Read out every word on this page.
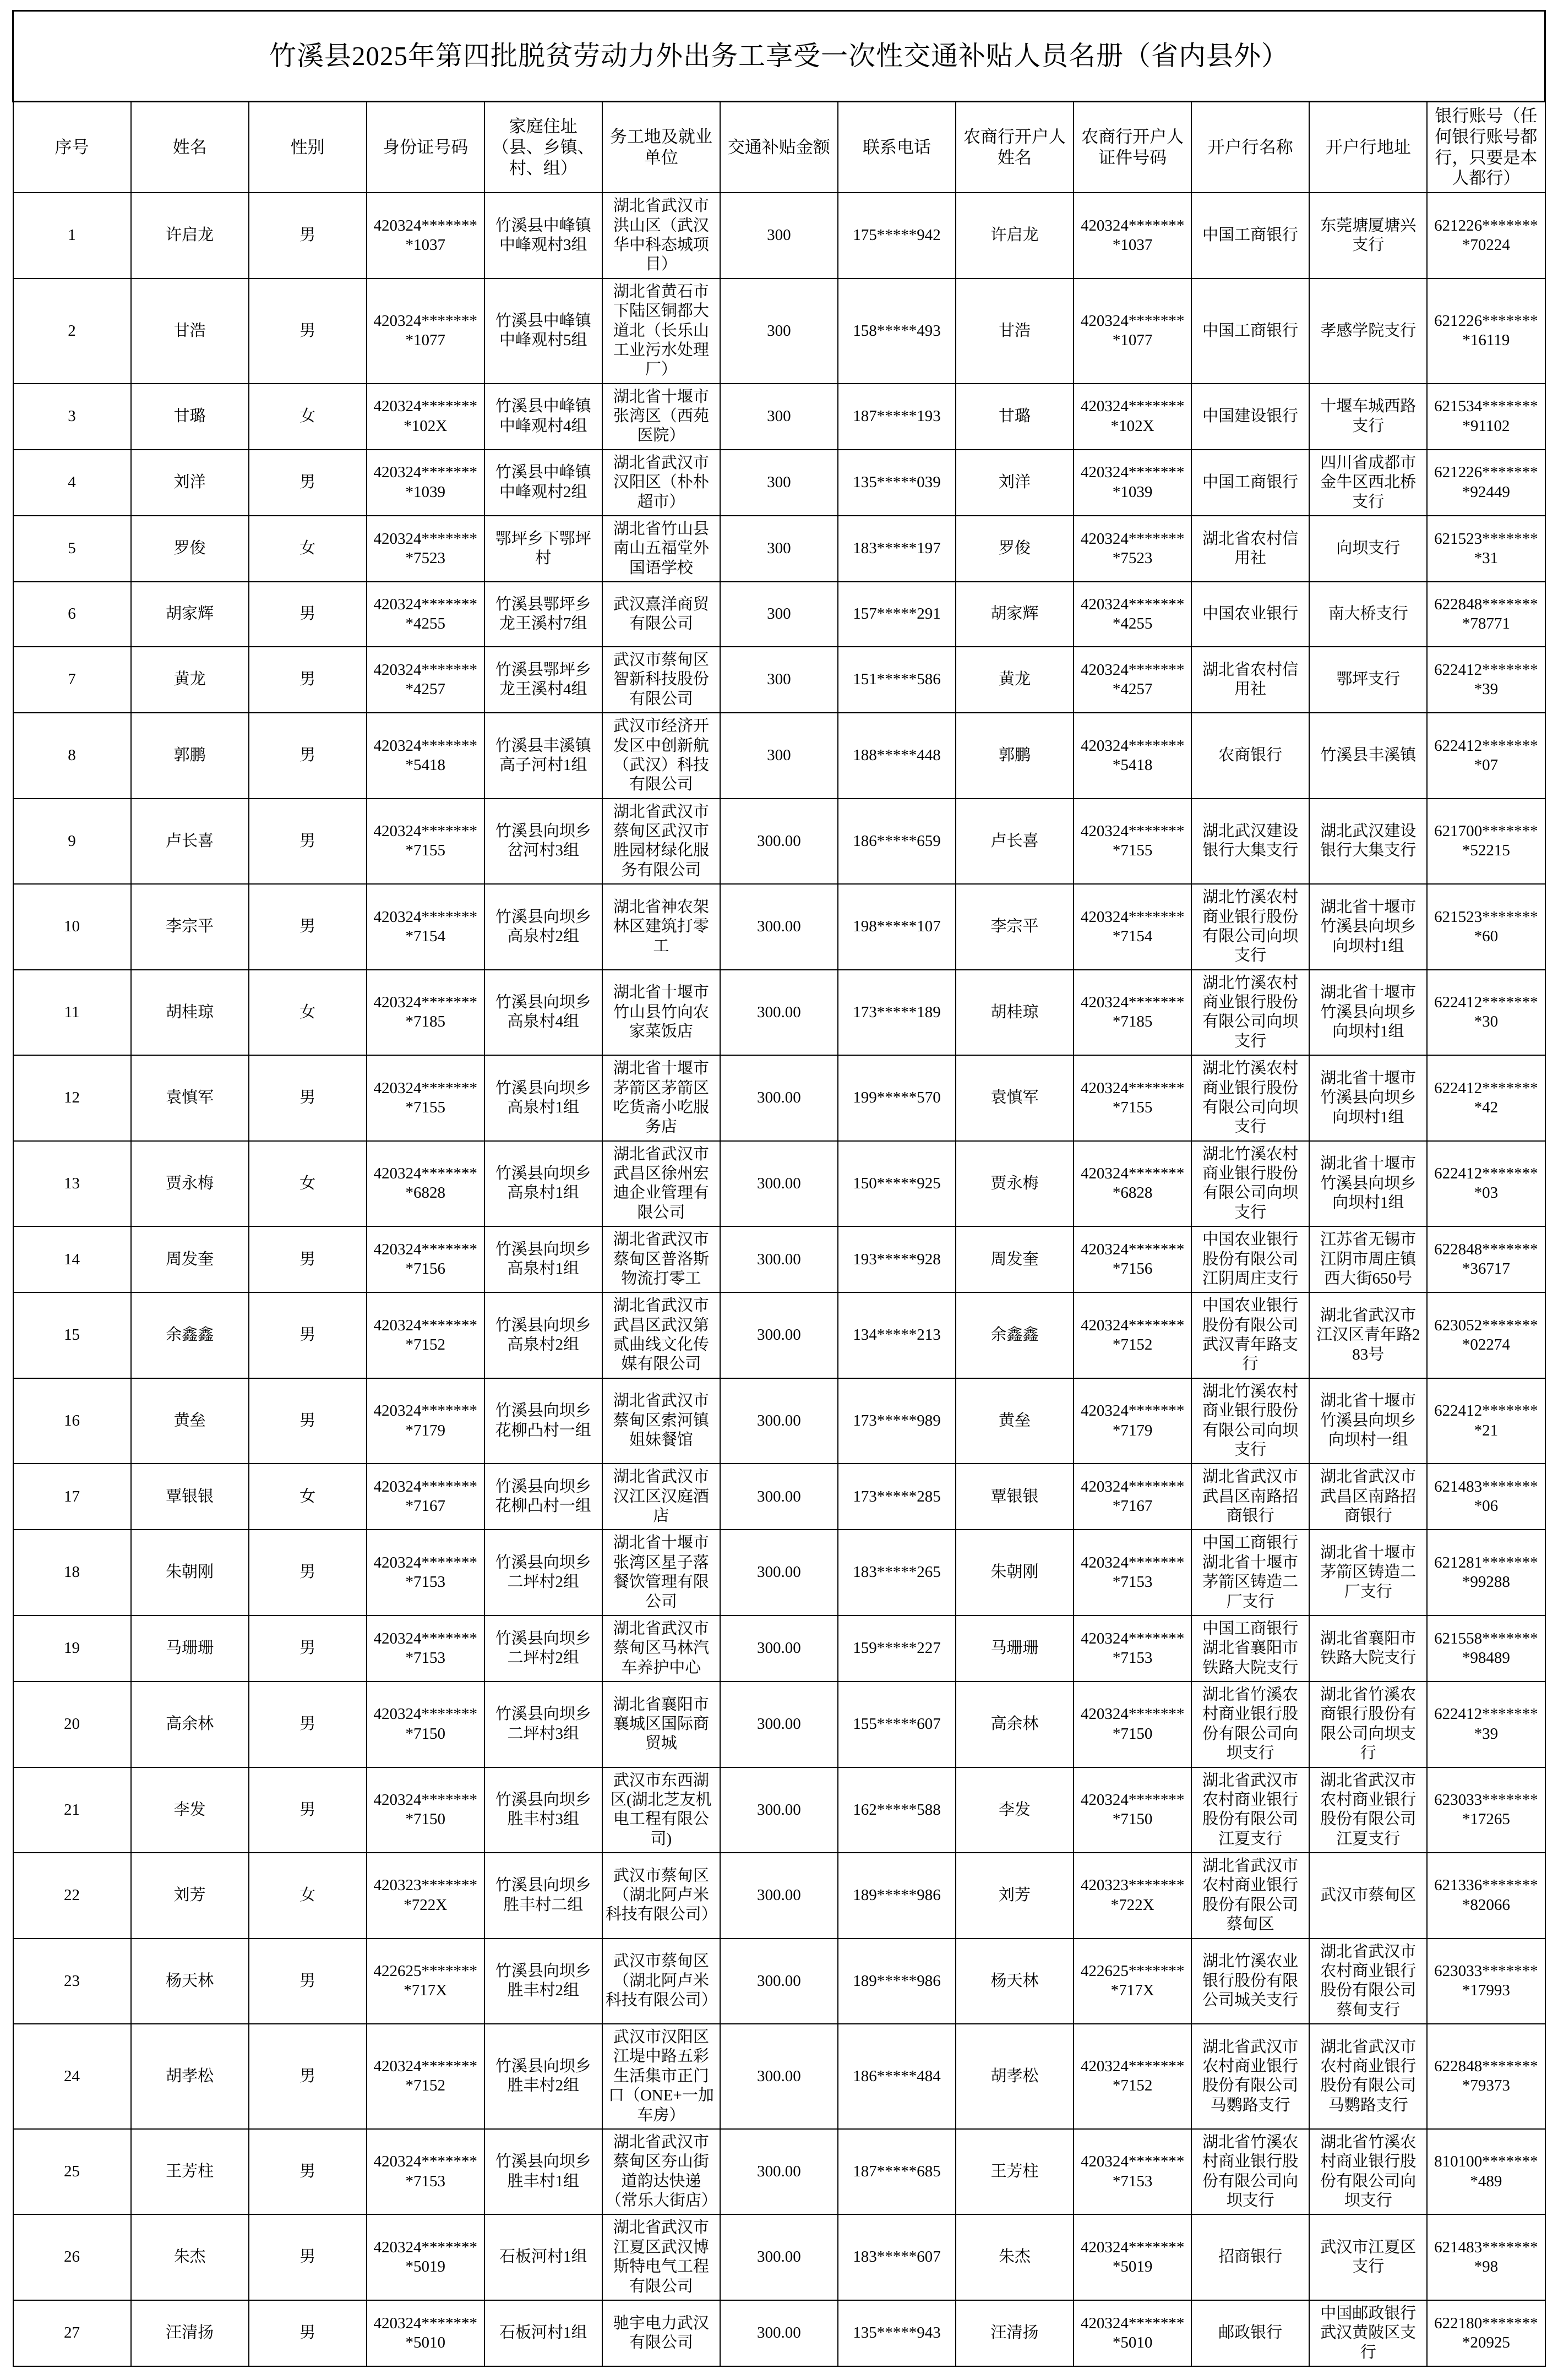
竹溪县2025年第四批脱贫劳动力外出务工享受一次性交通补贴人员名册（省内县外）												
序号	姓名	性别	身份证号码	家庭住址（县、乡镇、村、组）	务工地及就业单位	交通补贴金额	联系电话	农商行开户人姓名	农商行开户人证件号码	开户行名称	开户行地址	银行账号（任何银行账号都行，只要是本人都行）
1	许启龙	男	420324********1037	竹溪县中峰镇中峰观村3组	湖北省武汉市洪山区（武汉华中科态城项目）	300	175*****942	许启龙	420324********1037	中国工商银行	东莞塘厦塘兴支行	621226********70224
2	甘浩	男	420324********1077	竹溪县中峰镇中峰观村5组	湖北省黄石市下陆区铜都大道北（长乐山工业污水处理厂）	300	158*****493	甘浩	420324********1077	中国工商银行	孝感学院支行	621226********16119
3	甘璐	女	420324********102X	竹溪县中峰镇中峰观村4组	湖北省十堰市张湾区（西苑医院）	300	187*****193	甘璐	420324********102X	中国建设银行	十堰车城西路支行	621534********91102
4	刘洋	男	420324********1039	竹溪县中峰镇中峰观村2组	湖北省武汉市汉阳区（朴朴超市）	300	135*****039	刘洋	420324********1039	中国工商银行	四川省成都市金牛区西北桥支行	621226********92449
5	罗俊	女	420324********7523	鄂坪乡下鄂坪村	湖北省竹山县南山五福堂外国语学校	300	183*****197	罗俊	420324********7523	湖北省农村信用社	向坝支行	621523********31
6	胡家辉	男	420324********4255	竹溪县鄂坪乡龙王溪村7组	武汉熹洋商贸有限公司	300	157*****291	胡家辉	420324********4255	中国农业银行	南大桥支行	622848********78771
7	黄龙	男	420324********4257	竹溪县鄂坪乡龙王溪村4组	武汉市蔡甸区智新科技股份有限公司	300	151*****586	黄龙	420324********4257	湖北省农村信用社	鄂坪支行	622412********39
8	郭鹏	男	420324********5418	竹溪县丰溪镇高子河村1组	武汉市经济开发区中创新航（武汉）科技有限公司	300	188*****448	郭鹏	420324********5418	农商银行	竹溪县丰溪镇	622412********07
9	卢长喜	男	420324********7155	竹溪县向坝乡岔河村3组	湖北省武汉市蔡甸区武汉市胜园材绿化服务有限公司	300.00	186*****659	卢长喜	420324********7155	湖北武汉建设银行大集支行	湖北武汉建设银行大集支行	621700********52215
10	李宗平	男	420324********7154	竹溪县向坝乡高泉村2组	湖北省神农架林区建筑打零工	300.00	198*****107	李宗平	420324********7154	湖北竹溪农村商业银行股份有限公司向坝支行	湖北省十堰市竹溪县向坝乡向坝村1组	621523********60
11	胡桂琼	女	420324********7185	竹溪县向坝乡高泉村4组	湖北省十堰市竹山县竹向农家菜饭店	300.00	173*****189	胡桂琼	420324********7185	湖北竹溪农村商业银行股份有限公司向坝支行	湖北省十堰市竹溪县向坝乡向坝村1组	622412********30
12	袁慎军	男	420324********7155	竹溪县向坝乡高泉村1组	湖北省十堰市茅箭区茅箭区吃货斋小吃服务店	300.00	199*****570	袁慎军	420324********7155	湖北竹溪农村商业银行股份有限公司向坝支行	湖北省十堰市竹溪县向坝乡向坝村1组	622412********42
13	贾永梅	女	420324********6828	竹溪县向坝乡高泉村1组	湖北省武汉市武昌区徐州宏迪企业管理有限公司	300.00	150*****925	贾永梅	420324********6828	湖北竹溪农村商业银行股份有限公司向坝支行	湖北省十堰市竹溪县向坝乡向坝村1组	622412********03
14	周发奎	男	420324********7156	竹溪县向坝乡高泉村1组	湖北省武汉市蔡甸区普洛斯物流打零工	300.00	193*****928	周发奎	420324********7156	中国农业银行股份有限公司江阴周庄支行	江苏省无锡市江阴市周庄镇西大街650号	622848********36717
15	余鑫鑫	男	420324********7152	竹溪县向坝乡高泉村2组	湖北省武汉市武昌区武汉第贰曲线文化传媒有限公司	300.00	134*****213	余鑫鑫	420324********7152	中国农业银行股份有限公司武汉青年路支行	湖北省武汉市江汉区青年路283号	623052********02274
16	黄垒	男	420324********7179	竹溪县向坝乡花柳凸村一组	湖北省武汉市蔡甸区索河镇姐妹餐馆	300.00	173*****989	黄垒	420324********7179	湖北竹溪农村商业银行股份有限公司向坝支行	湖北省十堰市竹溪县向坝乡向坝村一组	622412********21
17	覃银银	女	420324********7167	竹溪县向坝乡花柳凸村一组	湖北省武汉市汉江区汉庭酒店	300.00	173*****285	覃银银	420324********7167	湖北省武汉市武昌区南路招商银行	湖北省武汉市武昌区南路招商银行	621483********06
18	朱朝刚	男	420324********7153	竹溪县向坝乡二坪村2组	湖北省十堰市张湾区星子落餐饮管理有限公司	300.00	183*****265	朱朝刚	420324********7153	中国工商银行湖北省十堰市茅箭区铸造二厂支行	湖北省十堰市茅箭区铸造二厂支行	621281********99288
19	马珊珊	男	420324********7153	竹溪县向坝乡二坪村2组	湖北省武汉市蔡甸区马林汽车养护中心	300.00	159*****227	马珊珊	420324********7153	中国工商银行湖北省襄阳市铁路大院支行	湖北省襄阳市铁路大院支行	621558********98489
20	高余林	男	420324********7150	竹溪县向坝乡二坪村3组	湖北省襄阳市襄城区国际商贸城	300.00	155*****607	高余林	420324********7150	湖北省竹溪农村商业银行股份有限公司向坝支行	湖北省竹溪农商银行股份有限公司向坝支行	622412********39
21	李发	男	420324********7150	竹溪县向坝乡胜丰村3组	武汉市东西湖区(湖北芝友机电工程有限公司)	300.00	162*****588	李发	420324********7150	湖北省武汉市农村商业银行股份有限公司江夏支行	湖北省武汉市农村商业银行股份有限公司江夏支行	623033********17265
22	刘芳	女	420323********722X	竹溪县向坝乡胜丰村二组	武汉市蔡甸区（湖北阿卢米科技有限公司）	300.00	189*****986	刘芳	420323********722X	湖北省武汉市农村商业银行股份有限公司蔡甸区	武汉市蔡甸区	621336********82066
23	杨天林	男	422625********717X	竹溪县向坝乡胜丰村2组	武汉市蔡甸区（湖北阿卢米科技有限公司）	300.00	189*****986	杨天林	422625********717X	湖北竹溪农业银行股份有限公司城关支行	湖北省武汉市农村商业银行股份有限公司蔡甸支行	623033********17993
24	胡孝松	男	420324********7152	竹溪县向坝乡胜丰村2组	武汉市汉阳区江堤中路五彩生活集市正门口（ONE+一加车房）	300.00	186*****484	胡孝松	420324********7152	湖北省武汉市农村商业银行股份有限公司马鹦路支行	湖北省武汉市农村商业银行股份有限公司马鹦路支行	622848********79373
25	王芳柱	男	420324********7153	竹溪县向坝乡胜丰村1组	湖北省武汉市蔡甸区夯山街道韵达快递（常乐大街店）	300.00	187*****685	王芳柱	420324********7153	湖北省竹溪农村商业银行股份有限公司向坝支行	湖北省竹溪农村商业银行股份有限公司向坝支行	810100********489
26	朱杰	男	420324********5019	石板河村1组	湖北省武汉市江夏区武汉博斯特电气工程有限公司	300.00	183*****607	朱杰	420324********5019	招商银行	武汉市江夏区支行	621483********98
27	汪清扬	男	420324********5010	石板河村1组	驰宇电力武汉有限公司	300.00	135*****943	汪清扬	420324********5010	邮政银行	中国邮政银行武汉黄陂区支行	622180********20925
